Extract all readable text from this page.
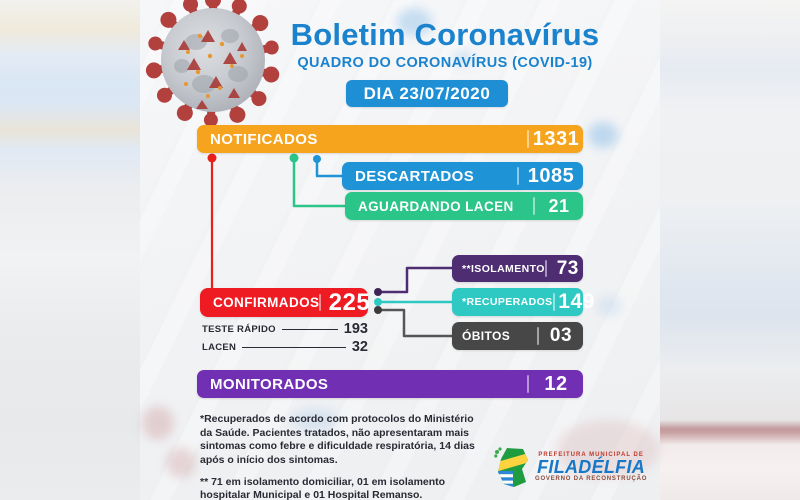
Boletim Coronavírus
QUADRO DO CORONAVÍRUS (COVID-19)
DIA 23/07/2020
NOTIFICADOS	1331
DESCARTADOS	1085
AGUARDANDO LACEN	21
CONFIRMADOS 225
TESTE RÁPIDO	193
LACEN	32
**ISOLAMENTO 73
*RECUPERADOS 149
ÓBITOS	03
MONITORADOS	12

*Recuperados de acordo com protocolos do Ministério da Saúde. Pacientes tratados, não apresentaram mais sintomas como febre e dificuldade respiratória, 14 dias após o início dos sintomas.

** 71 em isolamento domiciliar, 01 em isolamento hospitalar Municipal e 01 Hospital Remanso.

PREFEITURA MUNICIPAL DE
FILADÉLFIA
GOVERNO DA RECONSTRUÇÃO
